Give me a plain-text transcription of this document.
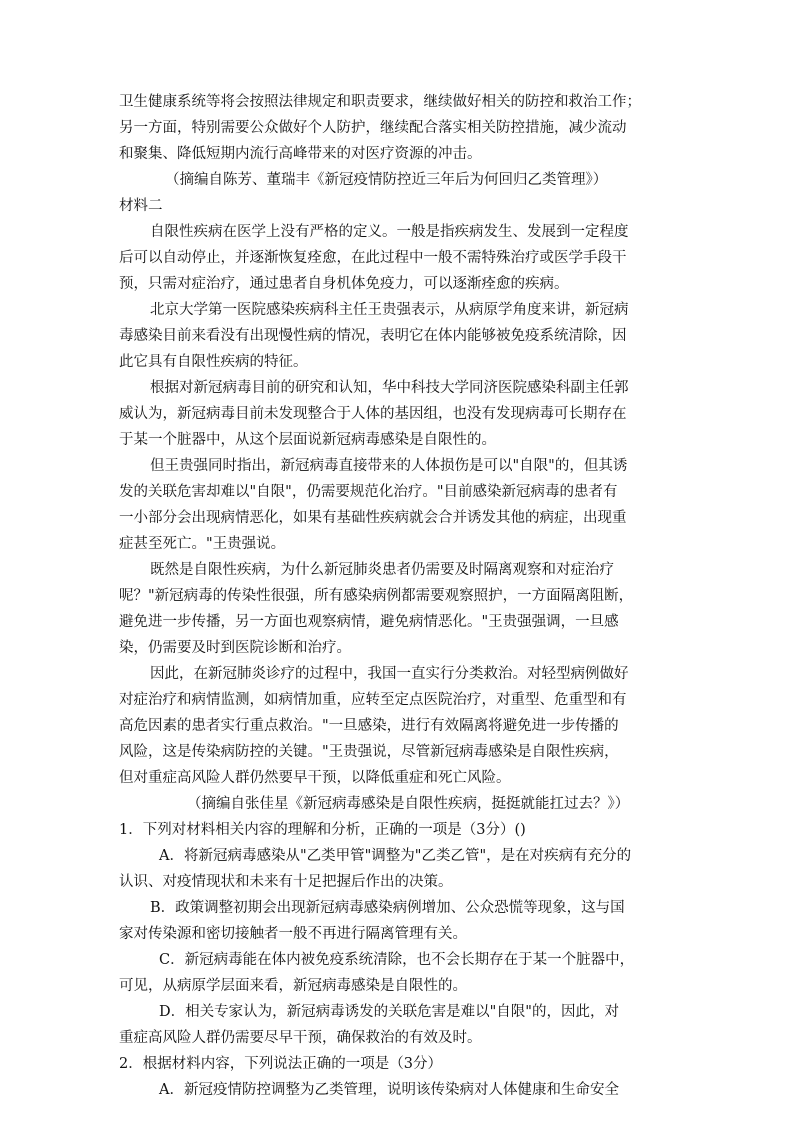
卫生健康系统等将会按照法律规定和职责要求，继续做好相关的防控和救治工作；
另一方面，特别需要公众做好个人防护，继续配合落实相关防控措施，减少流动
和聚集、降低短期内流行高峰带来的对医疗资源的冲击。
（摘编自陈芳、董瑞丰《新冠疫情防控近三年后为何回归乙类管理》）
材料二
自限性疾病在医学上没有严格的定义。一般是指疾病发生、发展到一定程度
后可以自动停止，并逐渐恢复痊愈，在此过程中一般不需特殊治疗或医学手段干
预，只需对症治疗，通过患者自身机体免疫力，可以逐渐痊愈的疾病。
北京大学第一医院感染疾病科主任王贵强表示，从病原学角度来讲，新冠病
毒感染目前来看没有出现慢性病的情况，表明它在体内能够被免疫系统清除，因
此它具有自限性疾病的特征。
根据对新冠病毒目前的研究和认知，华中科技大学同济医院感染科副主任郭
威认为，新冠病毒目前未发现整合于人体的基因组，也没有发现病毒可长期存在
于某一个脏器中，从这个层面说新冠病毒感染是自限性的。
但王贵强同时指出，新冠病毒直接带来的人体损伤是可以"自限"的，但其诱
发的关联危害却难以"自限"，仍需要规范化治疗。"目前感染新冠病毒的患者有
一小部分会出现病情恶化，如果有基础性疾病就会合并诱发其他的病症，出现重
症甚至死亡。"王贵强说。
既然是自限性疾病，为什么新冠肺炎患者仍需要及时隔离观察和对症治疗
呢？"新冠病毒的传染性很强，所有感染病例都需要观察照护，一方面隔离阻断，
避免进一步传播，另一方面也观察病情，避免病情恶化。"王贵强强调，一旦感
染，仍需要及时到医院诊断和治疗。
因此，在新冠肺炎诊疗的过程中，我国一直实行分类救治。对轻型病例做好
对症治疗和病情监测，如病情加重，应转至定点医院治疗，对重型、危重型和有
高危因素的患者实行重点救治。"一旦感染，进行有效隔离将避免进一步传播的
风险，这是传染病防控的关键。"王贵强说，尽管新冠病毒感染是自限性疾病，
但对重症高风险人群仍然要早干预，以降低重症和死亡风险。
（摘编自张佳星《新冠病毒感染是自限性疾病，挺挺就能扛过去？》）
1．下列对材料相关内容的理解和分析，正确的一项是（3分）()
A．将新冠病毒感染从"乙类甲管"调整为"乙类乙管"，是在对疾病有充分的
认识、对疫情现状和未来有十足把握后作出的决策。
B．政策调整初期会出现新冠病毒感染病例增加、公众恐慌等现象，这与国
家对传染源和密切接触者一般不再进行隔离管理有关。
C．新冠病毒能在体内被免疫系统清除，也不会长期存在于某一个脏器中，
可见，从病原学层面来看，新冠病毒感染是自限性的。
D．相关专家认为，新冠病毒诱发的关联危害是难以"自限"的，因此，对
重症高风险人群仍需要尽早干预，确保救治的有效及时。
2．根据材料内容，下列说法正确的一项是（3分）
A．新冠疫情防控调整为乙类管理，说明该传染病对人体健康和生命安全
